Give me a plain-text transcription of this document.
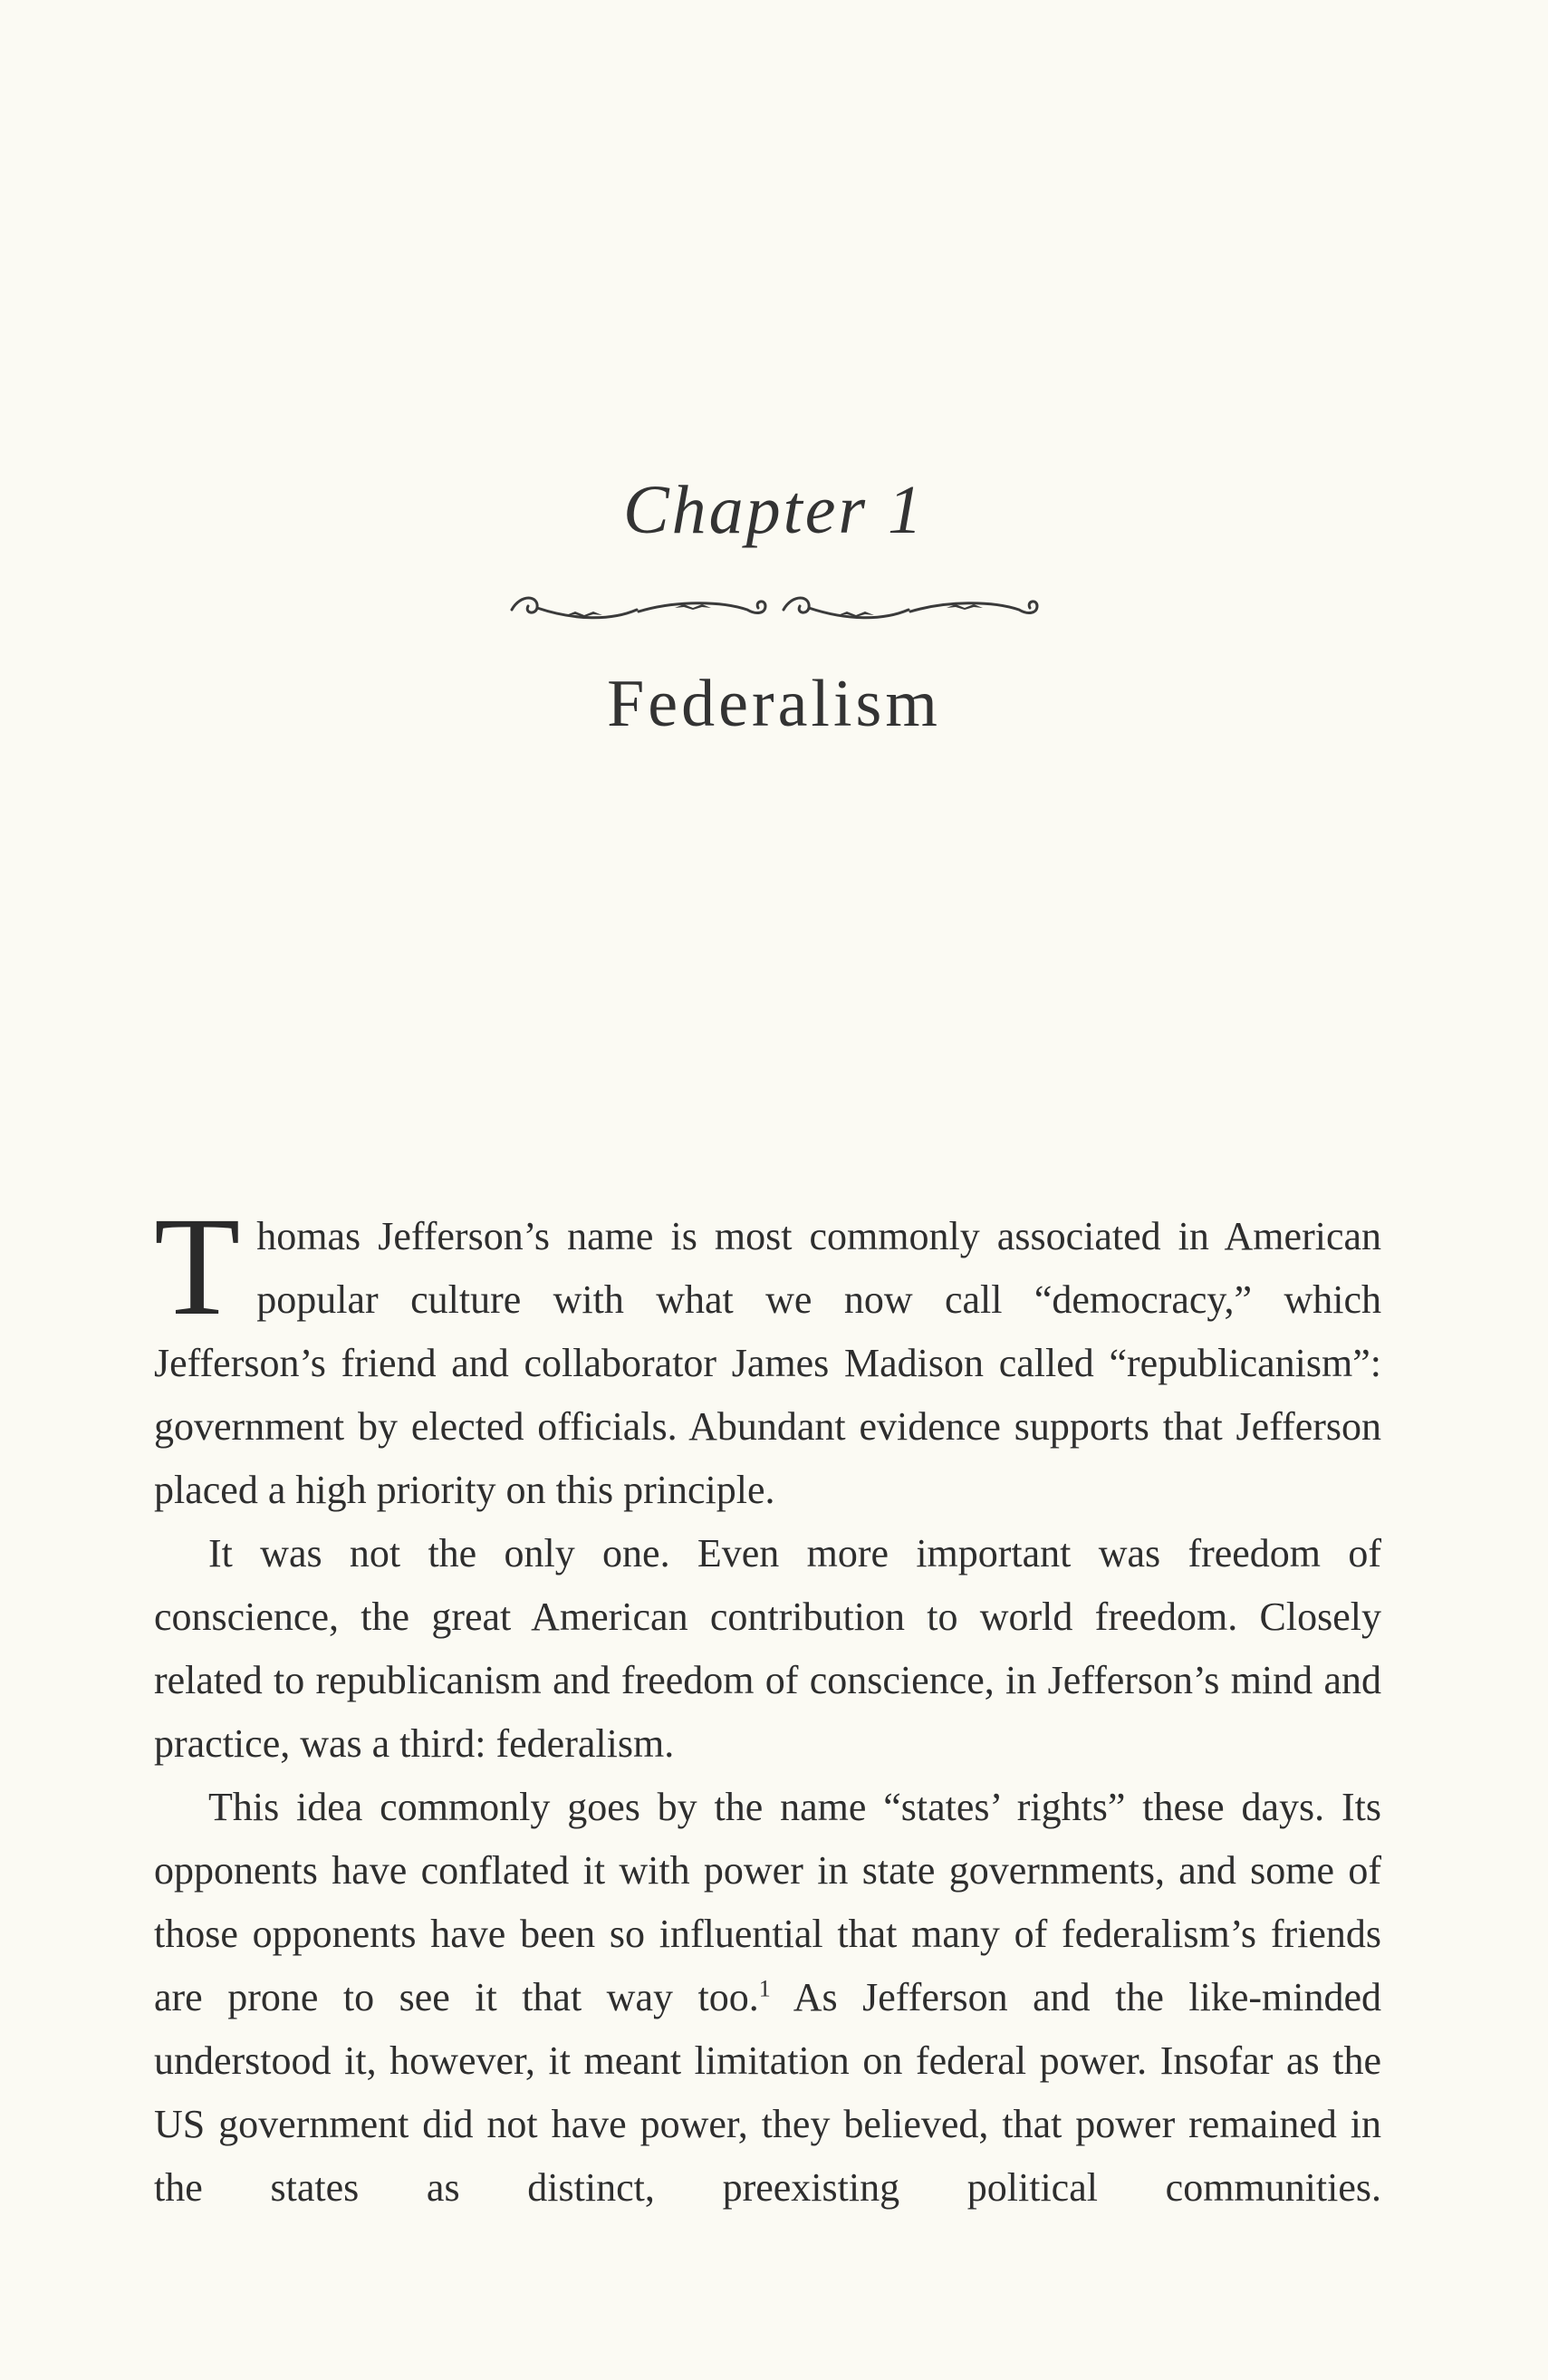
Chapter 1
Federalism

Thomas Jefferson’s name is most commonly associated in American popular culture with what we now call “democracy,” which Jefferson’s friend and collaborator James Madison called “republicanism”: government by elected officials. Abundant evidence supports that Jefferson placed a high priority on this principle.

It was not the only one. Even more important was freedom of conscience, the great American contribution to world freedom. Closely related to republicanism and freedom of conscience, in Jefferson’s mind and practice, was a third: federalism.

This idea commonly goes by the name “states’ rights” these days. Its opponents have conflated it with power in state governments, and some of those opponents have been so influential that many of federalism’s friends are prone to see it that way too.$^1$ As Jefferson and the like-minded understood it, however, it meant limitation on federal power. Insofar as the US government did not have power, they believed, that power remained in the states as distinct, preexisting political communities.
